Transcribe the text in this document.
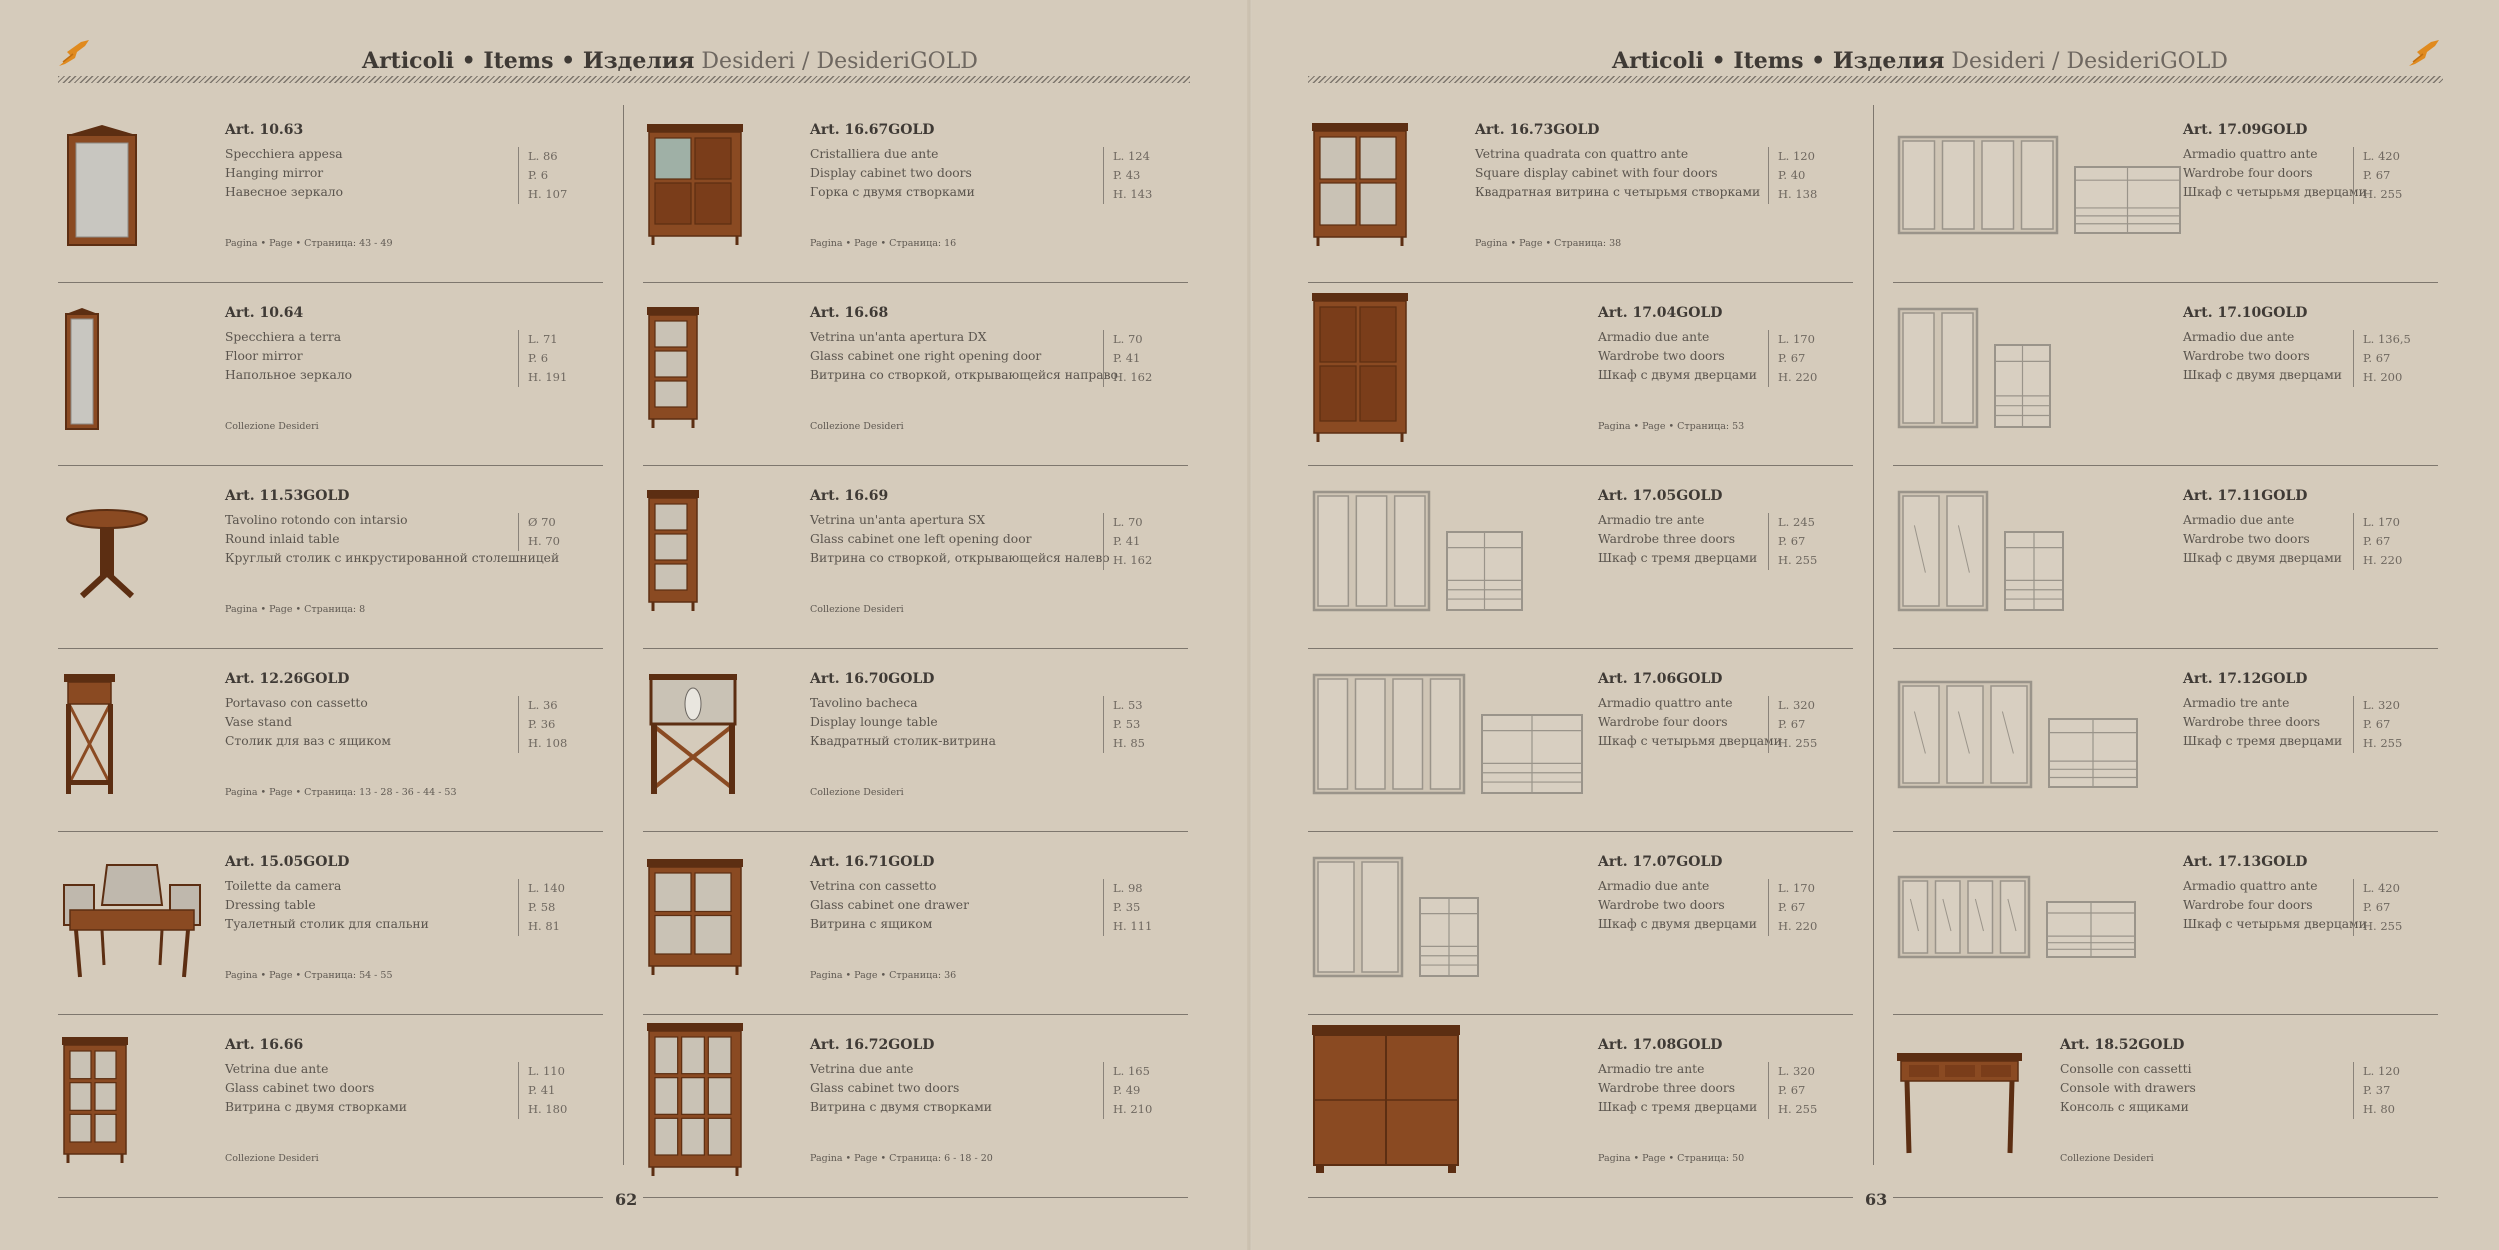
Articoli • Items • Изделия Desideri / DesideriGOLD
Art. 10.63
Specchiera appesa
Hanging mirror
Навесное зеркало
L. 86
P. 6
H. 107
Pagina • Page • Страница: 43 - 49
Art. 10.64
Specchiera a terra
Floor mirror
Напольное зеркало
L. 71
P. 6
H. 191
Collezione Desideri
Art. 11.53GOLD
Tavolino rotondo con intarsio
Round inlaid table
Круглый столик с инкрустированной столешницей
Ø 70
H. 70
Pagina • Page • Страница: 8
Art. 12.26GOLD
Portavaso con cassetto
Vase stand
Столик для ваз с ящиком
L. 36
P. 36
H. 108
Pagina • Page • Страница: 13 - 28 - 36 - 44 - 53
Art. 15.05GOLD
Toilette da camera
Dressing table
Туалетный столик для спальни
L. 140
P. 58
H. 81
Pagina • Page • Страница: 54 - 55
Art. 16.66
Vetrina due ante
Glass cabinet two doors
Витрина с двумя створками
L. 110
P. 41
H. 180
Collezione Desideri
Art. 16.67GOLD
Cristalliera due ante
Display cabinet two doors
Горка с двумя створками
L. 124
P. 43
H. 143
Pagina • Page • Страница: 16
Art. 16.68
Vetrina un'anta apertura DX
Glass cabinet one right opening door
Витрина со створкой, открывающейся направо
L. 70
P. 41
H. 162
Collezione Desideri
Art. 16.69
Vetrina un'anta apertura SX
Glass cabinet one left opening door
Витрина со створкой, открывающейся налево
L. 70
P. 41
H. 162
Collezione Desideri
Art. 16.70GOLD
Tavolino bacheca
Display lounge table
Квадратный столик-витрина
L. 53
P. 53
H. 85
Collezione Desideri
Art. 16.71GOLD
Vetrina con cassetto
Glass cabinet one drawer
Витрина с ящиком
L. 98
P. 35
H. 111
Pagina • Page • Страница: 36
Art. 16.72GOLD
Vetrina due ante
Glass cabinet two doors
Витрина с двумя створками
L. 165
P. 49
H. 210
Pagina • Page • Страница: 6 - 18 - 20
62
Articoli • Items • Изделия Desideri / DesideriGOLD
Art. 16.73GOLD
Vetrina quadrata con quattro ante
Square display cabinet with four doors
Квадратная витрина с четырьмя створками
L. 120
P. 40
H. 138
Pagina • Page • Страница: 38
Art. 17.04GOLD
Armadio due ante
Wardrobe two doors
Шкаф с двумя дверцами
L. 170
P. 67
H. 220
Pagina • Page • Страница: 53
Art. 17.05GOLD
Armadio tre ante
Wardrobe three doors
Шкаф с тремя дверцами
L. 245
P. 67
H. 255
Art. 17.06GOLD
Armadio quattro ante
Wardrobe four doors
Шкаф с четырьмя дверцами
L. 320
P. 67
H. 255
Art. 17.07GOLD
Armadio due ante
Wardrobe two doors
Шкаф с двумя дверцами
L. 170
P. 67
H. 220
Art. 17.08GOLD
Armadio tre ante
Wardrobe three doors
Шкаф с тремя дверцами
L. 320
P. 67
H. 255
Pagina • Page • Страница: 50
Art. 17.09GOLD
Armadio quattro ante
Wardrobe four doors
Шкаф с четырьмя дверцами
L. 420
P. 67
H. 255
Art. 17.10GOLD
Armadio due ante
Wardrobe two doors
Шкаф с двумя дверцами
L. 136,5
P. 67
H. 200
Art. 17.11GOLD
Armadio due ante
Wardrobe two doors
Шкаф с двумя дверцами
L. 170
P. 67
H. 220
Art. 17.12GOLD
Armadio tre ante
Wardrobe three doors
Шкаф с тремя дверцами
L. 320
P. 67
H. 255
Art. 17.13GOLD
Armadio quattro ante
Wardrobe four doors
Шкаф с четырьмя дверцами
L. 420
P. 67
H. 255
Art. 18.52GOLD
Consolle con cassetti
Console with drawers
Консоль с ящиками
L. 120
P. 37
H. 80
Collezione Desideri
63
